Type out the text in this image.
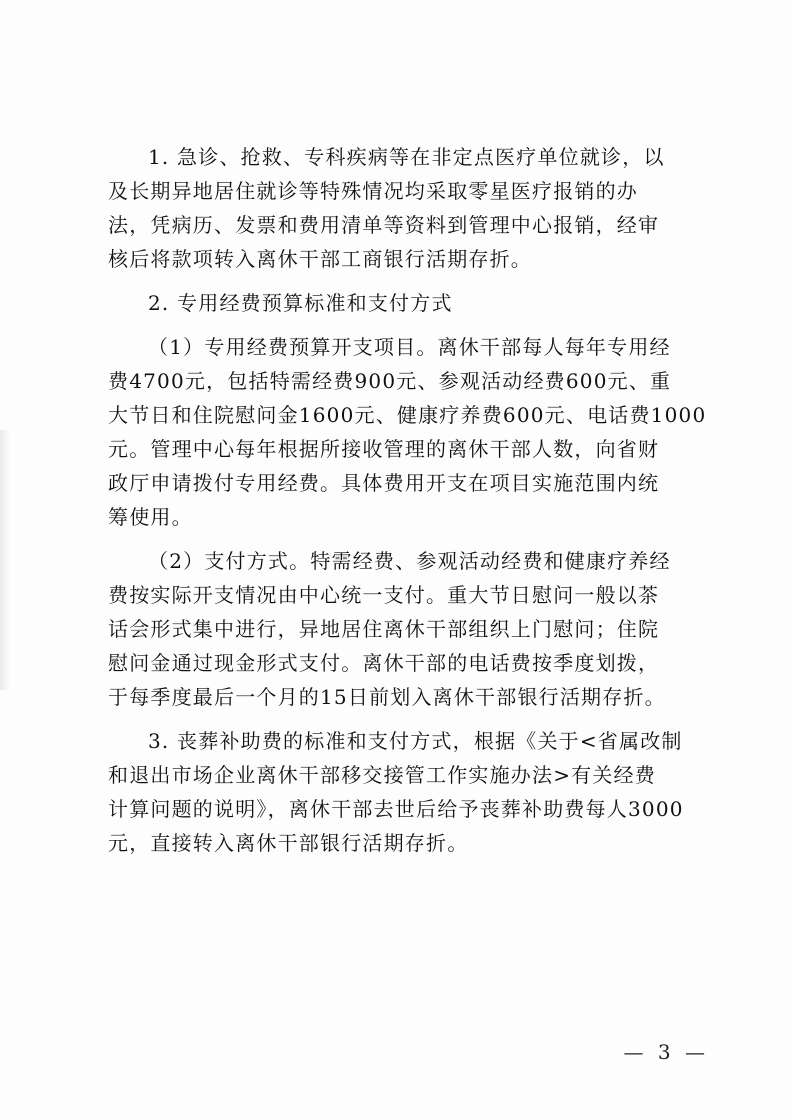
1. 急诊、抢救、专科疾病等在非定点医疗单位就诊，以
及长期异地居住就诊等特殊情况均采取零星医疗报销的办
法，凭病历、发票和费用清单等资料到管理中心报销，经审
核后将款项转入离休干部工商银行活期存折。
2. 专用经费预算标准和支付方式
（1）专用经费预算开支项目。离休干部每人每年专用经
费4700元，包括特需经费900元、参观活动经费600元、重
大节日和住院慰问金1600元、健康疗养费600元、电话费1000
元。管理中心每年根据所接收管理的离休干部人数，向省财
政厅申请拨付专用经费。具体费用开支在项目实施范围内统
筹使用。
（2）支付方式。特需经费、参观活动经费和健康疗养经
费按实际开支情况由中心统一支付。重大节日慰问一般以茶
话会形式集中进行，异地居住离休干部组织上门慰问；住院
慰问金通过现金形式支付。离休干部的电话费按季度划拨，
于每季度最后一个月的15日前划入离休干部银行活期存折。
3. 丧葬补助费的标准和支付方式，根据《关于<省属改制
和退出市场企业离休干部移交接管工作实施办法>有关经费
计算问题的说明》，离休干部去世后给予丧葬补助费每人3000
元，直接转入离休干部银行活期存折。
— 3 —
